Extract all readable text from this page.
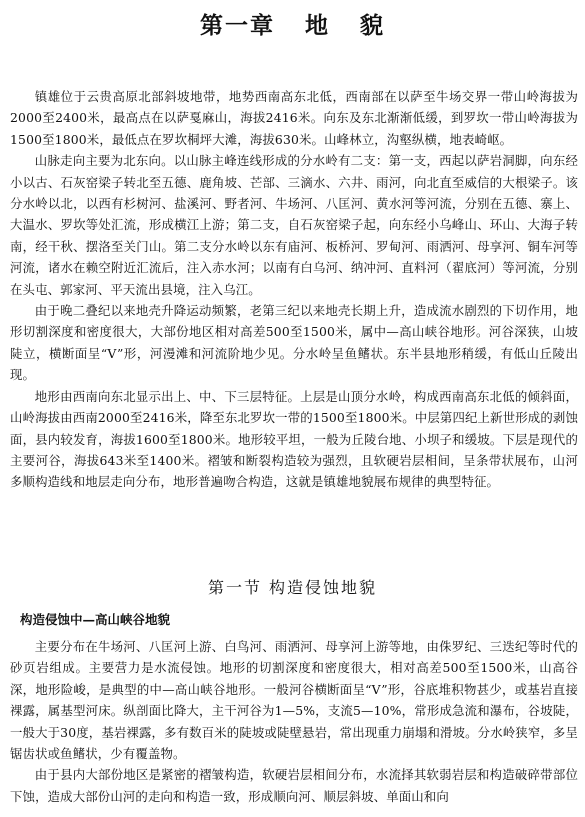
第一章   地   貌

镇雄位于云贵高原北部斜坡地带，地势西南高东北低，西南部在以萨至牛场交界一带山岭海拔为2000至2400米，最高点在以萨戛麻山，海拔2416米。向东及东北渐渐低缓，到罗坎一带山岭海拔为1500至1800米，最低点在罗坎桐坪大滩，海拔630米。山峰林立，沟壑纵横，地表崎岖。

山脉走向主要为北东向。以山脉主峰连线形成的分水岭有二支：第一支，西起以萨岩洞脚，向东经小以古、石灰窑梁子转北至五德、鹿角坡、芒部、三滴水、六井、雨河，向北直至威信的大根梁子。该分水岭以北，以西有杉树河、盐溪河、野者河、牛场河、八匡河、黄水河等河流，分别在五德、寨上、大温水、罗坎等处汇流，形成横江上游；第二支，自石灰窑梁子起，向东经小乌峰山、环山、大海子转南，经干秋、摆洛至关门山。第二支分水岭以东有庙河、板桥河、罗甸河、雨洒河、母享河、铜车河等河流，诸水在赖空附近汇流后，注入赤水河；以南有白乌河、纳冲河、直料河（翟底河）等河流，分别在头屯、郭家河、平天流出县境，注入乌江。

由于晚二叠纪以来地壳升降运动频繁，老第三纪以来地壳长期上升，造成流水剧烈的下切作用，地形切割深度和密度很大，大部份地区相对高差500至1500米，属中—高山峡谷地形。河谷深狭，山坡陡立，横断面呈“V”形，河漫滩和河流阶地少见。分水岭呈鱼鳍状。东半县地形稍缓，有低山丘陵出现。

地形由西南向东北显示出上、中、下三层特征。上层是山顶分水岭，构成西南高东北低的倾斜面，山岭海拔由西南2000至2416米，降至东北罗坎一带的1500至1800米。中层第四纪上新世形成的剥蚀面，县内较发育，海拔1600至1800米。地形较平坦，一般为丘陵台地、小坝子和缓坡。下层是现代的主要河谷，海拔643米至1400米。褶皱和断裂构造较为强烈，且软硬岩层相间，呈条带状展布，山河多顺构造线和地层走向分布，地形普遍吻合构造，这就是镇雄地貌展布规律的典型特征。

第一节 构造侵蚀地貌
构造侵蚀中—高山峡谷地貌

主要分布在牛场河、八匡河上游、白鸟河、雨洒河、母享河上游等地，由侏罗纪、三迭纪等时代的砂页岩组成。主要营力是水流侵蚀。地形的切割深度和密度很大，相对高差500至1500米，山高谷深，地形险峻，是典型的中—高山峡谷地形。一般河谷横断面呈“V”形，谷底堆积物甚少，或基岩直接裸露，属基型河床。纵剖面比降大，主干河谷为1—5%，支流5—10%，常形成急流和瀑布，谷坡陡，一般大于30度，基岩裸露，多有数百米的陡坡或陡壁悬岩，常出现重力崩塌和滑坡。分水岭狭窄，多呈锯齿状或鱼鳍状，少有覆盖物。

由于县内大部份地区是紧密的褶皱构造，软硬岩层相间分布，水流择其软弱岩层和构造破碎带部位下蚀，造成大部份山河的走向和构造一致，形成顺向河、顺层斜坡、单面山和向
